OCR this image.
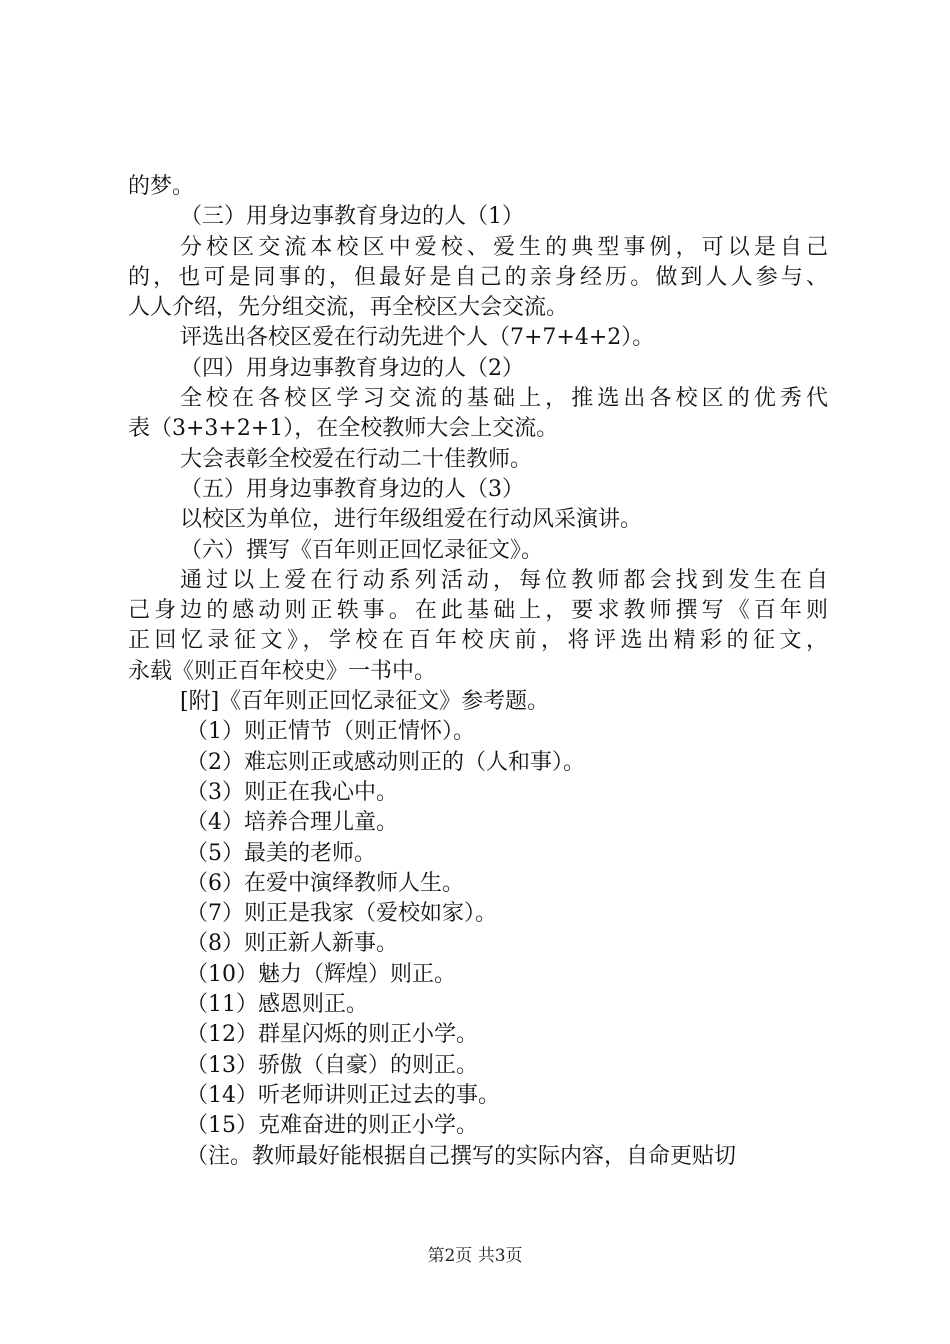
的梦。
（三）用身边事教育身边的人（1）
分校区交流本校区中爱校、爱生的典型事例，可以是自己
的，也可是同事的，但最好是自己的亲身经历。做到人人参与、
人人介绍，先分组交流，再全校区大会交流。
评选出各校区爱在行动先进个人（7+7+4+2）。
（四）用身边事教育身边的人（2）
全校在各校区学习交流的基础上，推选出各校区的优秀代
表（3+3+2+1），在全校教师大会上交流。
大会表彰全校爱在行动二十佳教师。
（五）用身边事教育身边的人（3）
以校区为单位，进行年级组爱在行动风采演讲。
（六）撰写《百年则正回忆录征文》。
通过以上爱在行动系列活动，每位教师都会找到发生在自
己身边的感动则正轶事。在此基础上，要求教师撰写《百年则
正回忆录征文》，学校在百年校庆前，将评选出精彩的征文，
永载《则正百年校史》一书中。
[附]《百年则正回忆录征文》参考题。
（1）则正情节（则正情怀）。
（2）难忘则正或感动则正的（人和事）。
（3）则正在我心中。
（4）培养合理儿童。
（5）最美的老师。
（6）在爱中演绎教师人生。
（7）则正是我家（爱校如家）。
（8）则正新人新事。
（10）魅力（辉煌）则正。
（11）感恩则正。
（12）群星闪烁的则正小学。
（13）骄傲（自豪）的则正。
（14）听老师讲则正过去的事。
（15）克难奋进的则正小学。
（注。教师最好能根据自己撰写的实际内容，自命更贴切
第2页 共3页
